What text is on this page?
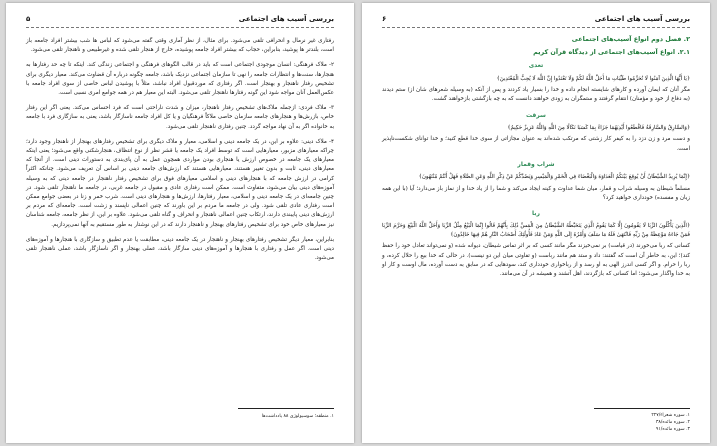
۵	بررسی آسیب های اجتماعی

رفتاری غیر نرمال و انحرافی تلقی می‌شود. برای مثال، از نظر آماری وقتی گفته می‌شود که لباس ها شب بیشتر افراد جامعه باز است، بلندتر ها پوشید، بنابراین، حجاب که بیشتر افراد جامعه پوشیده، خارج از هنجار تلقی شده و غیرطبیعی و ناهنجار تلقی می‌شود.

۲- ملاک فرهنگی: انسان موجودی اجتماعی است که باید در قالب الگوهای فرهنگی و اجتماعی زندگی کند. اینکه تا چه حد رفتارها به هنجارها، سنت‌ها و انتظارات جامعه را نهی تا سازمان اجتماعی نزدیک باشد، جامعه چگونه درباره آن قضاوت می‌کند. معیار دیگری برای تشخیص رفتار ناهنجار و بهنجار است. اگر رفتاری که موردقبول افراد نباشد، مثلاً با پوشیدن لباس خاصی از سوی افراد جامعه با عکس‌العمل آنان مواجه شود این گونه رفتارها ناهنجار تلقی می‌شود. البته این معیار هم در همه جوامع امری نسبی است.

۳- ملاک فردی: ازجمله ملاک‌های تشخیص رفتار ناهنجار، میزان و شدت ناراحتی است که فرد احساس می‌کند. یعنی اگر این رفتار خاص، بازرش‌ها و هنجارهای جامعه سازمان خاصی ملاکاً فرهنگیان و یا کل افراد جامعه ناسازگار باشد، یعنی به سازگاری فرد با جامعه به خانواده اگر به آن نهاد مواجه گردد. چنین رفتاری ناهنجار تلقی می‌شود.

۴- ملاک دینی: علاوه بر این، در یک جامعه دینی و اسلامی، معیار و ملاک دیگری برای تشخیص رفتارهای بهنجار از ناهنجار وجود دارد؛ چراکه معیارهای مزبور، معیارهایی است که توسط افراد یک جامعه یا قشر نظر از نوع انتظاف، هنجارشکنی واقع می‌شود؛ یعنی اینکه معیارهای یک جامعه در خصوص ارزش یا هنجاری بودن مواردی همچون عمل به آن پای‌بندی به دستورات دینی است. از آنجا که معیارهای دینی، ثابت و بدون تغییر هستند، معیارهایی هستند که ارزش‌های جامعه دینی بر اساس آن تعریف می‌شود. چنانکه اکثراً کرامی در ارزش جامعه که با هنجارهای دینی و اسلامی معیارهای فوق برای تشخیص رفتار ناهنجار در جامعه دینی که به وسیله آموزه‌های دینی بیان می‌شود، متفاوت است. ممکن است رفتاری عادی و مقبول در جامعه غربی، در جامعه ما ناهنجار تلقی شود. در چنین جامعه‌ای در یک جامعه دینی و اسلامی، معیار رفتارها، ارزش‌ها و هنجارهای دینی است. شرب خمر و زنا در بعضی جوامع ممکن است رفتاری عادی تلقی شود. ولی در جامعه ما مردم بر این باورند که چنین اعمالی ناپسند و زشت است. جامعه‌ای که مردم بر ارزش‌های دینی پایبندی دارند، ارتکاب چنین اعمالی ناهنجار و انحراف و گناه تلقی می‌شود. علاوه بر این، از نظر جامعه، جامعه شناسان نیز معیارهای خاص خود برای تشخیص رفتارهای بهنجار و ناهنجار دارند که در این نوشتار به طور مستقیم به آنها نمی‌پردازیم.

بنابراین، معیار دیگر تشخیص رفتارهای بهنجار و ناهنجار در یک جامعه دینی، مطابقت یا عدم تطبیق و سازگاری با هنجارها و آموزه‌های دینی است. اگر عمل و رفتاری با هنجارها و آموزه‌های دینی سازگار باشد، عملی بهنجار و اگر ناسازگار باشد، عملی ناهنجار تلقی می‌شود.

۱. منطقه؛ سوسیولوژی ۸۸ یادداشت‌ها
۶	بررسی آسیب های اجتماعی
۲. فصل دوم انواع آسیب‌های اجتماعی
۲.۱. انواع آسیب‌های اجتماعی از دیدگاه قرآن کریم
تعدی
﴿يَا أَيُّهَا الَّذِينَ آمَنُوا لَا تُحَرِّمُوا طَيِّبَاتِ مَا أَحَلَّ اللَّهُ لَكُمْ وَلَا تَعْتَدُوا إِنَّ اللَّهَ لَا يُحِبُّ الْمُعْتَدِينَ﴾

مگر آنان که ایمان آورده و کارهای شایسته انجام داده و خدا را بسیار یاد کردند و پس از آنکه (به وسیله شعرهای شان از) ستم دیدند (به دفاع از خود و مؤمنان) انتقام گرفتند و ستمگران به زودی خواهند دانست که به چه بازگشتی بازخواهند گشت.

سرقت
﴿وَالسَّارِقُ وَالسَّارِقَةُ فَاقْطَعُوا أَيْدِيَهُمَا جَزَاءً بِمَا كَسَبَا نَكَالًا مِنَ اللَّهِ وَاللَّهُ عَزِيزٌ حَكِيمٌ﴾

و دست مرد و زن دزد را به کیفر کار زشتی که مرتکب شده‌اند به عنوان مجازاتی از سوی خدا قطع کنید؛ و خدا توانای شکست‌ناپذیر است.

شراب وقمار
﴿إِنَّمَا يُرِيدُ الشَّيْطَانُ أَنْ يُوقِعَ بَيْنَكُمُ الْعَدَاوَةَ وَالْبَغْضَاءَ فِي الْخَمْرِ وَالْمَيْسِرِ وَيَصُدَّكُمْ عَنْ ذِكْرِ اللَّهِ وَعَنِ الصَّلَاةِ فَهَلْ أَنْتُمْ مُنْتَهُونَ﴾

مسلماً شیطان به وسیله شراب و قمار، میان شما عداوت و کینه ایجاد می‌کند و شما را از یاد خدا و از نماز باز می‌دارد؛ آیا (با این همه زیان و مفسده) خودداری خواهید کرد؟

ربا
﴿الَّذِينَ يَأْكُلُونَ الرِّبَا لَا يَقُومُونَ إِلَّا كَمَا يَقُومُ الَّذِي يَتَخَبَّطُهُ الشَّيْطَانُ مِنَ الْمَسِّ ذَٰلِكَ بِأَنَّهُمْ قَالُوا إِنَّمَا الْبَيْعُ مِثْلُ الرِّبَا وَأَحَلَّ اللَّهُ الْبَيْعَ وَحَرَّمَ الرِّبَا فَمَنْ جَاءَهُ مَوْعِظَةٌ مِنْ رَبِّهِ فَانْتَهَىٰ فَلَهُ مَا سَلَفَ وَأَمْرُهُ إِلَى اللَّهِ وَمَنْ عَادَ فَأُولَٰئِكَ أَصْحَابُ النَّارِ هُمْ فِيهَا خَالِدُونَ﴾

کسانی که ربا می‌خورند (در قیامت) بر نمی‌خیزند مگر مانند کسی که بر اثر تماس شیطان، دیوانه شده (و نمی‌تواند تعادل خود را حفظ کند)؛ این، به خاطر آن است که گفتند: داد و ستد هم مانند رباست (و تفاوتی میان این دو نیست). در حالی که خدا بیع را حلال کرده، و ربا را حرام. و اگر کسی اندرز الهی به او رسد و از رباخواری خودداری کند، سودهایی که در سابق به دست آورده، مال اوست و کار او به خدا واگذار می‌شود؛ اما کسانی که بازگردند، اهل آتشند و همیشه در آن می‌مانند.

۱. سوره شعراء/۲۲۷
۲. سوره مائده/۳۸
۳. سوره مائده/۹۱
